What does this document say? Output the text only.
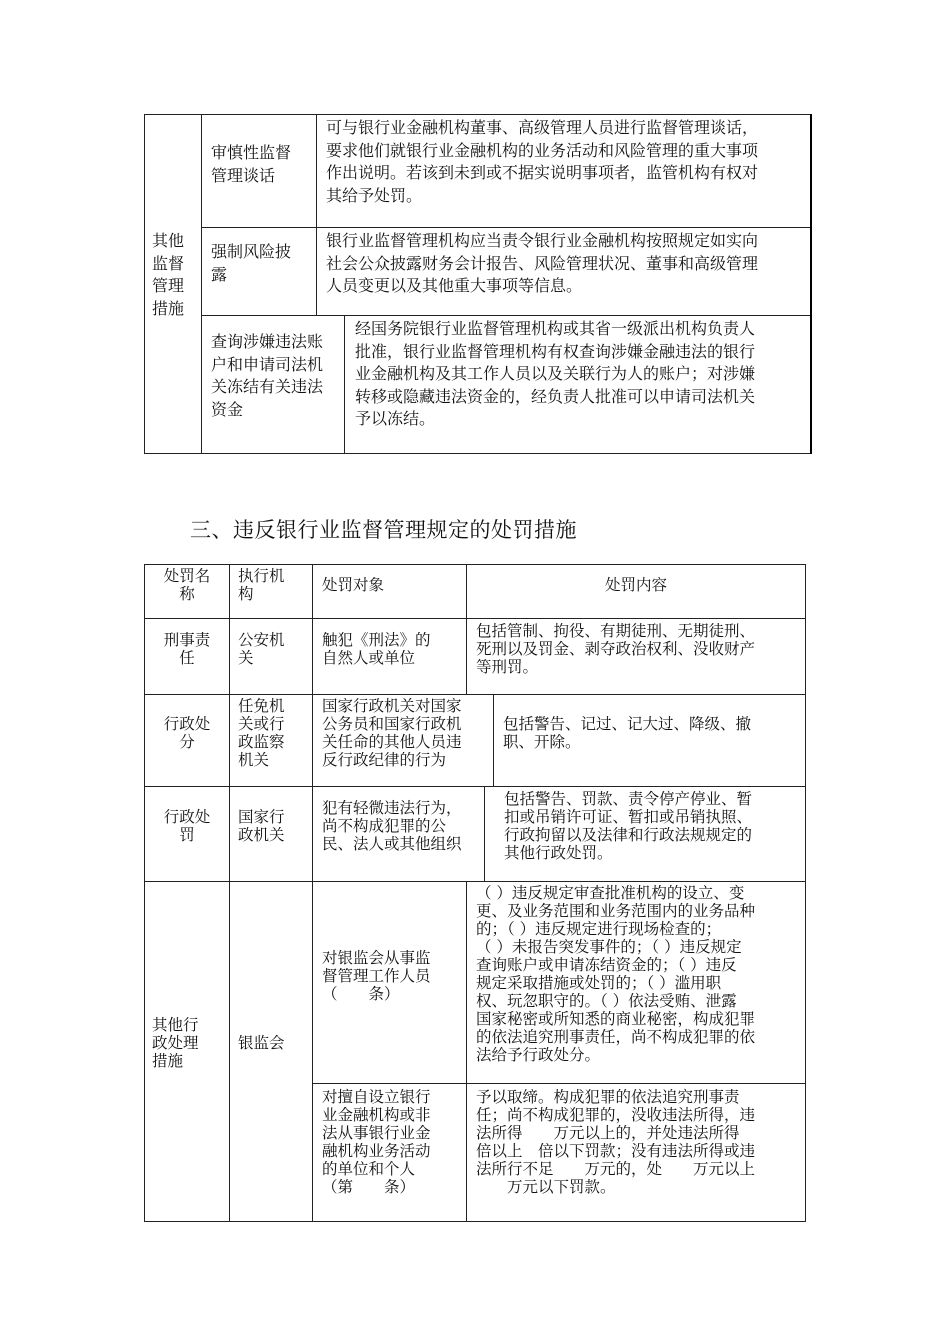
其他
监督
管理
措施
审慎性监督
管理谈话
可与银行业金融机构董事、高级管理人员进行监督管理谈话，
要求他们就银行业金融机构的业务活动和风险管理的重大事项
作出说明。若该到未到或不据实说明事项者，监管机构有权对
其给予处罚。
强制风险披
露
银行业监督管理机构应当责令银行业金融机构按照规定如实向
社会公众披露财务会计报告、风险管理状况、董事和高级管理
人员变更以及其他重大事项等信息。
查询涉嫌违法账
户和申请司法机
关冻结有关违法
资金
经国务院银行业监督管理机构或其省一级派出机构负责人
批准，银行业监督管理机构有权查询涉嫌金融违法的银行
业金融机构及其工作人员以及关联行为人的账户；对涉嫌
转移或隐藏违法资金的，经负责人批准可以申请司法机关
予以冻结。
三、违反银行业监督管理规定的处罚措施
处罚名
称
执行机
构	处罚对象	处罚内容
刑事责
任
公安机
关
触犯《刑法》的
自然人或单位
包括管制、拘役、有期徒刑、无期徒刑、
死刑以及罚金、剥夺政治权利、没收财产
等刑罚。
行政处
分
任免机
关或行
政监察
机关
国家行政机关对国家
公务员和国家行政机
关任命的其他人员违
反行政纪律的行为
包括警告、记过、记大过、降级、撤
职、开除。
行政处
罚
国家行
政机关
犯有轻微违法行为，
尚不构成犯罪的公
民、法人或其他组织
包括警告、罚款、责令停产停业、暂
扣或吊销许可证、暂扣或吊销执照、
行政拘留以及法律和行政法规规定的
其他行政处罚。
其他行
政处理
措施
银监会
对银监会从事监
督管理工作人员
（　　条）
（ ）违反规定审查批准机构的设立、变
更、及业务范围和业务范围内的业务品种
的；（ ）违反规定进行现场检查的；
（ ）未报告突发事件的；（ ）违反规定
查询账户或申请冻结资金的；（ ）违反
规定采取措施或处罚的；（ ）滥用职
权、玩忽职守的。（ ）依法受贿、泄露
国家秘密或所知悉的商业秘密，构成犯罪
的依法追究刑事责任，尚不构成犯罪的依
法给予行政处分。
对擅自设立银行
业金融机构或非
法从事银行业金
融机构业务活动
的单位和个人
（第　　条）
予以取缔。构成犯罪的依法追究刑事责
任；尚不构成犯罪的，没收违法所得，违
法所得　　万元以上的，并处违法所得　　
倍以上　倍以下罚款；没有违法所得或违
法所行不足　　万元的，处　　万元以上
　　万元以下罚款。
